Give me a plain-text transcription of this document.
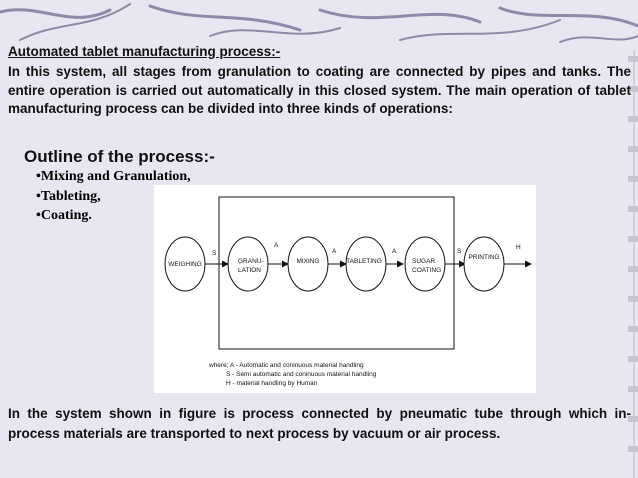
Automated tablet manufacturing process:-
In this system, all stages from granulation to coating are connected by pipes and tanks. The entire operation is carried out automatically in this closed system. The main operation of tablet manufacturing process can be divided into three kinds of operations:
Outline of the process:-
• Mixing and Granulation,
• Tableting,
• Coating.
WEIGHING	GRANU-
LATION
MIXING	TABLETING	SUGAR
COATING
PRINTING
S
A
A	A	S
H
where; A - Automatic and coninuous material handling
S - Semi automatic and coninuous material handling
H - material handling by Human
In the system shown in figure is process connected by pneumatic tube through which in-process materials are transported to next process by vacuum or air process.
